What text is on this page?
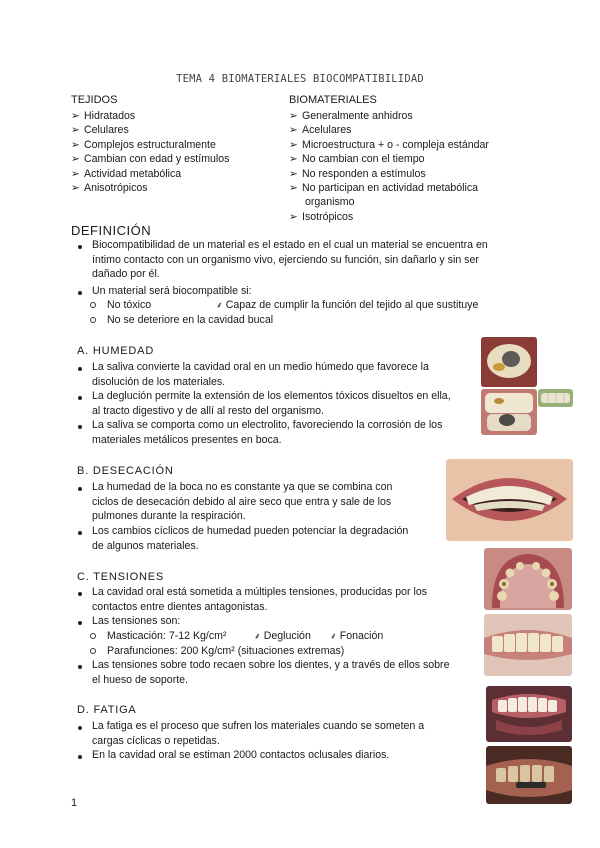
TEMA 4 BIOMATERIALES BIOCOMPATIBILIDAD
TEJIDOS	BIOMATERIALES
➢ Hidratados
➢ Celulares
➢ Complejos estructuralmente
➢ Cambian con edad y estímulos
➢ Actividad metabólica
➢ Anisotrópicos
➢ Generalmente anhidros
➢ Acelulares
➢ Microestructura + o - compleja estándar
➢ No cambian con el tiempo
➢ No responden a estímulos
➢ No participan en actividad metabólica
organismo
➢ Isotrópicos
DEFINICIÓN
Biocompatibilidad de un material es el estado en el cual un material se encuentra en
íntimo contacto con un organismo vivo, ejerciendo su función, sin dañarlo y sin ser
dañado por él.
Un material será biocompatible si:
No tóxico	⸙ Capaz de cumplir la función del tejido al que sustituye
No se deteriore en la cavidad bucal
A. HUMEDAD
La saliva convierte la cavidad oral en un medio húmedo que favorece la
disolución de los materiales.
La deglución permite la extensión de los elementos tóxicos disueltos en ella,
al tracto digestivo y de allí al resto del organismo.
La saliva se comporta como un electrolito, favoreciendo la corrosión de los
materiales metálicos presentes en boca.
B. DESECACIÓN
La humedad de la boca no es constante ya que se combina con
ciclos de desecación debido al aire seco que entra y sale de los
pulmones durante la respiración.
Los cambios cíclicos de humedad pueden potenciar la degradación
de algunos materiales.
C. TENSIONES
La cavidad oral está sometida a múltiples tensiones, producidas por los
contactos entre dientes antagonistas.
Las tensiones son:
Masticación: 7-12 Kg/cm²	⸙ Deglución ⸙ Fonación
Parafunciones: 200 Kg/cm² (situaciones extremas)
Las tensiones sobre todo recaen sobre los dientes, y a través de ellos sobre
el hueso de soporte.
D. FATIGA
La fatiga es el proceso que sufren los materiales cuando se someten a
cargas cíclicas o repetidas.
En la cavidad oral se estiman 2000 contactos oclusales diarios.
1
